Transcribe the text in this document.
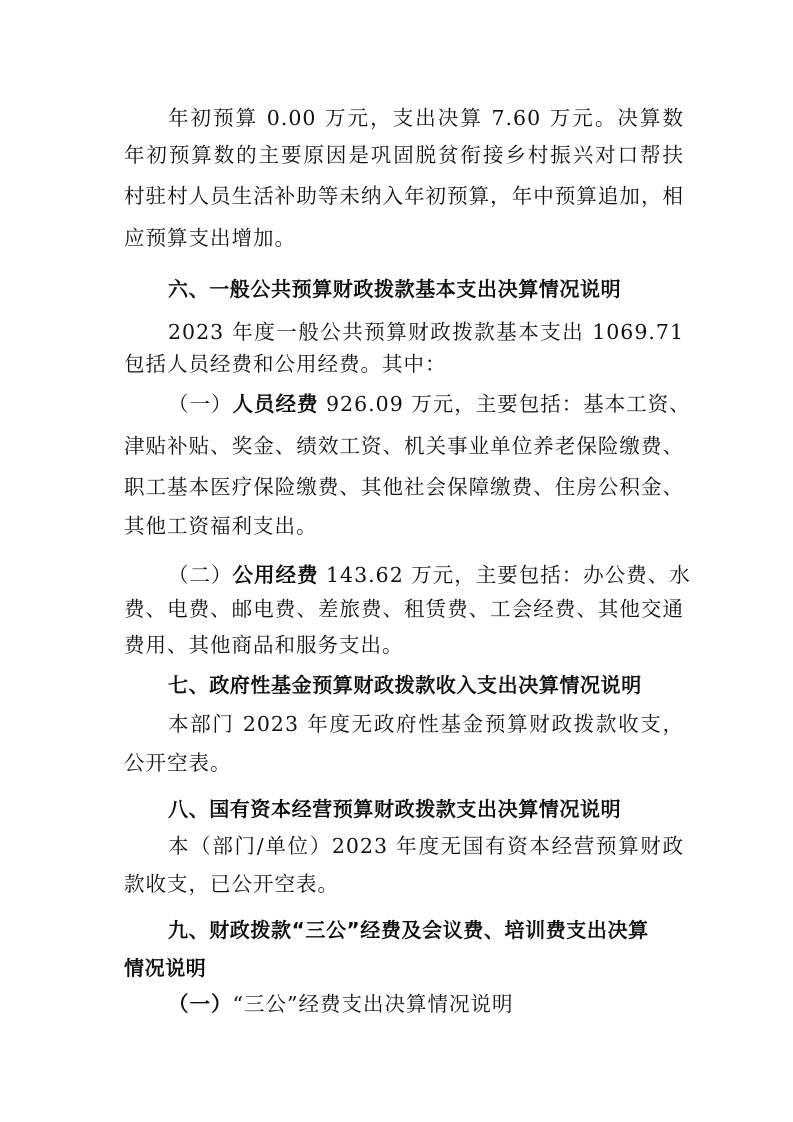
年初预算 0.00 万元，支出决算 7.60 万元。决算数
年初预算数的主要原因是巩固脱贫衔接乡村振兴对口帮扶
村驻村人员生活补助等未纳入年初预算，年中预算追加，相
应预算支出增加。
六、一般公共预算财政拨款基本支出决算情况说明
2023 年度一般公共预算财政拨款基本支出 1069.71
包括人员经费和公用经费。其中：
（一）人员经费 926.09 万元，主要包括：基本工资、
津贴补贴、奖金、绩效工资、机关事业单位养老保险缴费、
职工基本医疗保险缴费、其他社会保障缴费、住房公积金、
其他工资福利支出。
（二）公用经费 143.62 万元，主要包括：办公费、水
费、电费、邮电费、差旅费、租赁费、工会经费、其他交通
费用、其他商品和服务支出。
七、政府性基金预算财政拨款收入支出决算情况说明
本部门 2023 年度无政府性基金预算财政拨款收支，
公开空表。
八、国有资本经营预算财政拨款支出决算情况说明
本（部门/单位）2023 年度无国有资本经营预算财政
款收支，已公开空表。
九、财政拨款“三公”经费及会议费、培训费支出决算
情况说明
（一）“三公”经费支出决算情况说明
